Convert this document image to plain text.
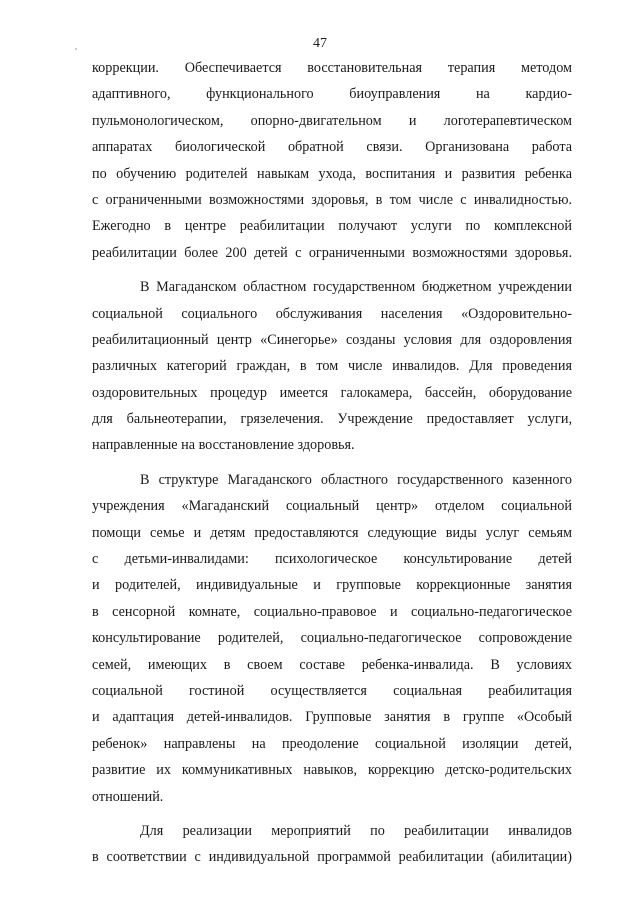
47
коррекции. Обеспечивается восстановительная терапия методом
адаптивного, функционального биоуправления на кардио-
пульмонологическом, опорно-двигательном и логотерапевтическом
аппаратах биологической обратной связи. Организована работа
по обучению родителей навыкам ухода, воспитания и развития ребенка
с ограниченными возможностями здоровья, в том числе с инвалидностью.
Ежегодно в центре реабилитации получают услуги по комплексной
реабилитации более 200 детей с ограниченными возможностями здоровья.
В Магаданском областном государственном бюджетном учреждении
социальной социального обслуживания населения «Оздоровительно-
реабилитационный центр «Синегорье» созданы условия для оздоровления
различных категорий граждан, в том числе инвалидов. Для проведения
оздоровительных процедур имеется галокамера, бассейн, оборудование
для бальнеотерапии, грязелечения. Учреждение предоставляет услуги,
направленные на восстановление здоровья.
В структуре Магаданского областного государственного казенного
учреждения «Магаданский социальный центр» отделом социальной
помощи семье и детям предоставляются следующие виды услуг семьям
с детьми-инвалидами: психологическое консультирование детей
и родителей, индивидуальные и групповые коррекционные занятия
в сенсорной комнате, социально-правовое и социально-педагогическое
консультирование родителей, социально-педагогическое сопровождение
семей, имеющих в своем составе ребенка-инвалида. В условиях
социальной гостиной осуществляется социальная реабилитация
и адаптация детей-инвалидов. Групповые занятия в группе «Особый
ребенок» направлены на преодоление социальной изоляции детей,
развитие их коммуникативных навыков, коррекцию детско-родительских
отношений.
Для реализации мероприятий по реабилитации инвалидов
в соответствии с индивидуальной программой реабилитации (абилитации)
